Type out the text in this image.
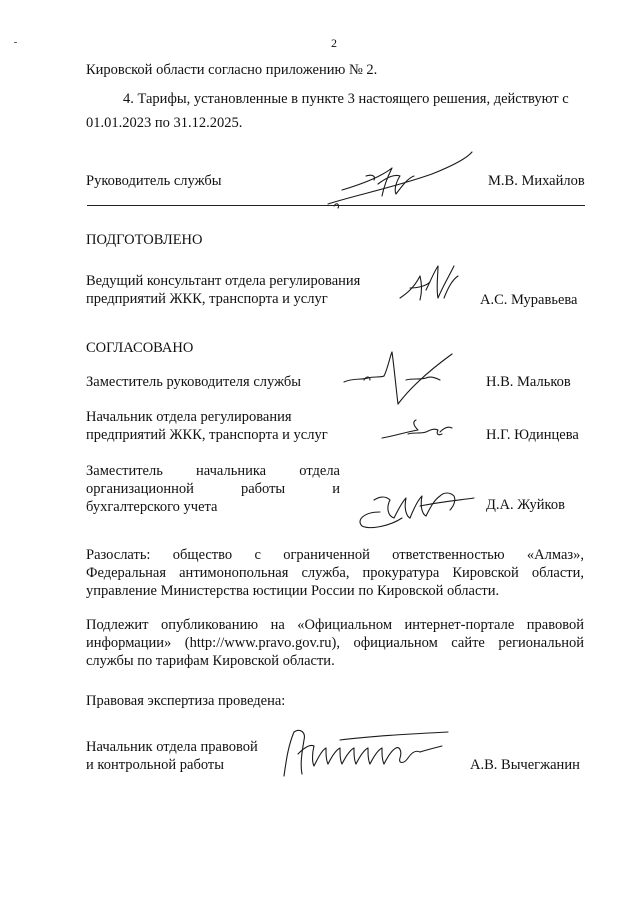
2
Кировской области согласно приложению № 2.
4. Тарифы, установленные в пункте 3 настоящего решения, действуют с
01.01.2023 по 31.12.2025.
Руководитель службы	М.В. Михайлов
ПОДГОТОВЛЕНО
Ведущий консультант отдела регулирования
предприятий ЖКК, транспорта и услуг	А.С. Муравьева
СОГЛАСОВАНО
Заместитель руководителя службы	Н.В. Мальков
Начальник отдела регулирования
предприятий ЖКК, транспорта и услуг	Н.Г. Юдинцева
Заместитель начальника отдела
организационной работы и
бухгалтерского учета	Д.А. Жуйков
Разослать: общество с ограниченной ответственностью «Алмаз»,
Федеральная антимонопольная служба, прокуратура Кировской области,
управление Министерства юстиции России по Кировской области.
Подлежит опубликованию на «Официальном интернет-портале правовой
информации» (http://www.pravo.gov.ru), официальном сайте региональной
службы по тарифам Кировской области.
Правовая экспертиза проведена:
Начальник отдела правовой
и контрольной работы	А.В. Вычегжанин
